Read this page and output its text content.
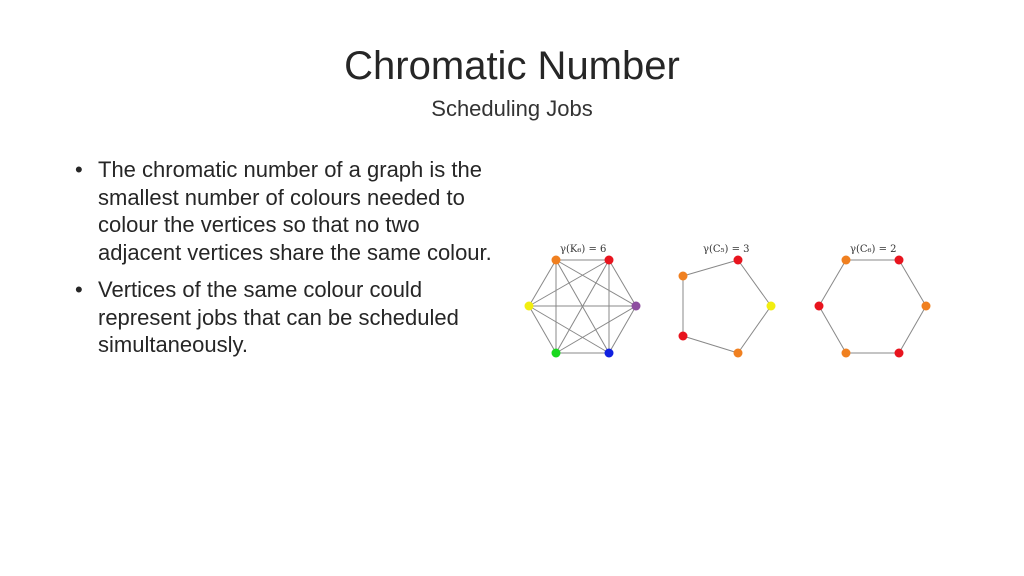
Chromatic Number
Scheduling Jobs
• The chromatic number of a graph is the smallest number of colours needed to colour the vertices so that no two adjacent vertices share the same colour.
• Vertices of the same colour could represent jobs that can be scheduled simultaneously.
γ(K₆) = 6	γ(C₅) = 3	γ(C₆) = 2
